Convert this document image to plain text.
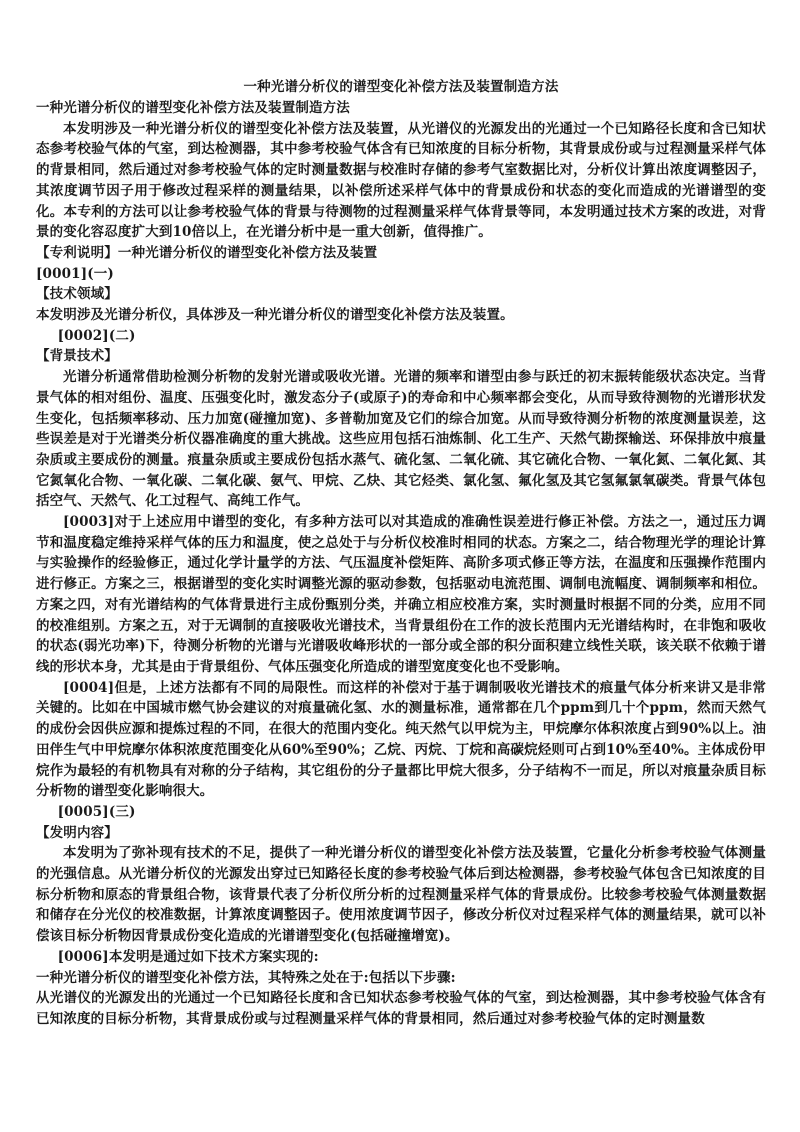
一种光谱分析仪的谱型变化补偿方法及装置制造方法

一种光谱分析仪的谱型变化补偿方法及装置制造方法

本发明涉及一种光谱分析仪的谱型变化补偿方法及装置，从光谱仪的光源发出的光通过一个已知路径长度和含已知状态参考校验气体的气室，到达检测器，其中参考校验气体含有已知浓度的目标分析物，其背景成份或与过程测量采样气体的背景相同，然后通过对参考校验气体的定时测量数据与校准时存储的参考气室数据比对，分析仪计算出浓度调整因子，其浓度调节因子用于修改过程采样的测量结果，以补偿所述采样气体中的背景成份和状态的变化而造成的光谱谱型的变化。本专利的方法可以让参考校验气体的背景与待测物的过程测量采样气体背景等同，本发明通过技术方案的改进，对背景的变化容忍度扩大到10倍以上，在光谱分析中是一重大创新，值得推广。

【专利说明】一种光谱分析仪的谱型变化补偿方法及装置

[0001](一)

【技术领域】

本发明涉及光谱分析仪，具体涉及一种光谱分析仪的谱型变化补偿方法及装置。

[0002](二)

【背景技术】

光谱分析通常借助检测分析物的发射光谱或吸收光谱。光谱的频率和谱型由参与跃迁的初末振转能级状态决定。当背景气体的相对组份、温度、压强变化时，激发态分子(或原子)的寿命和中心频率都会变化，从而导致待测物的光谱形状发生变化，包括频率移动、压力加宽(碰撞加宽)、多普勒加宽及它们的综合加宽。从而导致待测分析物的浓度测量误差，这些误差是对于光谱类分析仪器准确度的重大挑战。这些应用包括石油炼制、化工生产、天然气勘探输送、环保排放中痕量杂质或主要成份的测量。痕量杂质或主要成份包括水蒸气、硫化氢、二氧化硫、其它硫化合物、一氧化氮、二氧化氮、其它氮氧化合物、一氧化碳、二氧化碳、氨气、甲烷、乙炔、其它烃类、氯化氢、氟化氢及其它氢氟氯氧碳类。背景气体包括空气、天然气、化工过程气、高纯工作气。

[0003]对于上述应用中谱型的变化，有多种方法可以对其造成的准确性误差进行修正补偿。方法之一，通过压力调节和温度稳定维持采样气体的压力和温度，使之总处于与分析仪校准时相同的状态。方案之二，结合物理光学的理论计算与实验操作的经验修正，通过化学计量学的方法、气压温度补偿矩阵、高阶多项式修正等方法，在温度和压强操作范围内进行修正。方案之三，根据谱型的变化实时调整光源的驱动参数，包括驱动电流范围、调制电流幅度、调制频率和相位。方案之四，对有光谱结构的气体背景进行主成份甄别分类，并确立相应校准方案，实时测量时根据不同的分类，应用不同的校准组别。方案之五，对于无调制的直接吸收光谱技术，当背景组份在工作的波长范围内无光谱结构时，在非饱和吸收的状态(弱光功率)下，待测分析物的光谱与光谱吸收峰形状的一部分或全部的积分面积建立线性关联，该关联不依赖于谱线的形状本身，尤其是由于背景组份、气体压强变化所造成的谱型宽度变化也不受影响。

[0004]但是，上述方法都有不同的局限性。而这样的补偿对于基于调制吸收光谱技术的痕量气体分析来讲又是非常关键的。比如在中国城市燃气协会建议的对痕量硫化氢、水的测量标准，通常都在几个ppm到几十个ppm，然而天然气的成份会因供应源和提炼过程的不同，在很大的范围内变化。纯天然气以甲烷为主，甲烷摩尔体积浓度占到90%以上。油田伴生气中甲烷摩尔体积浓度范围变化从60%至90%；乙烷、丙烷、丁烷和高碳烷烃则可占到10%至40%。主体成份甲烷作为最轻的有机物具有对称的分子结构，其它组份的分子量都比甲烷大很多，分子结构不一而足，所以对痕量杂质目标分析物的谱型变化影响很大。

[0005](三)

【发明内容】

本发明为了弥补现有技术的不足，提供了一种光谱分析仪的谱型变化补偿方法及装置，它量化分析参考校验气体测量的光强信息。从光谱分析仪的光源发出穿过已知路径长度的参考校验气体后到达检测器，参考校验气体包含已知浓度的目标分析物和原态的背景组合物，该背景代表了分析仪所分析的过程测量采样气体的背景成份。比较参考校验气体测量数据和储存在分光仪的校准数据，计算浓度调整因子。使用浓度调节因子，修改分析仪对过程采样气体的测量结果，就可以补偿该目标分析物因背景成份变化造成的光谱谱型变化(包括碰撞增宽)。

[0006]本发明是通过如下技术方案实现的:

一种光谱分析仪的谱型变化补偿方法，其特殊之处在于:包括以下步骤:

从光谱仪的光源发出的光通过一个已知路径长度和含已知状态参考校验气体的气室，到达检测器，其中参考校验气体含有已知浓度的目标分析物，其背景成份或与过程测量采样气体的背景相同，然后通过对参考校验气体的定时测量数
